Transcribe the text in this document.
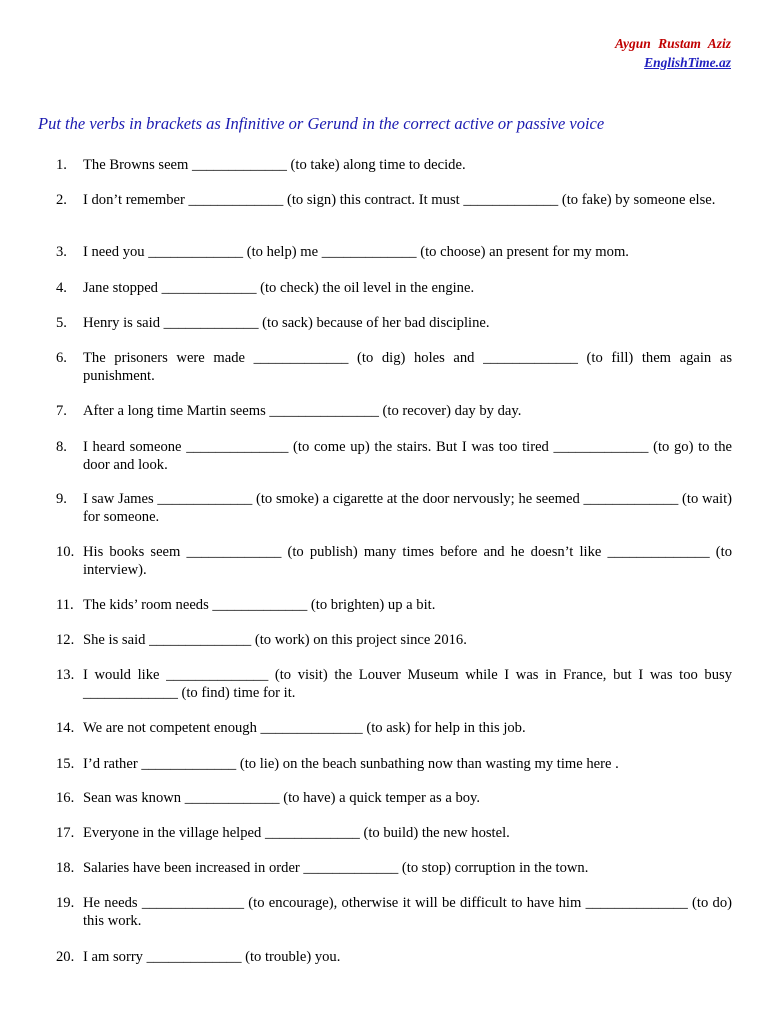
Aygun Rustam Aziz
EnglishTime.az
Put the verbs in brackets as Infinitive or Gerund in the correct active or passive voice
1.	The Browns seem _____________ (to take) along time to decide.
2.	I don’t remember _____________ (to sign) this contract. It must _____________ (to fake) by someone else.
3.	I need you _____________ (to help) me _____________ (to choose) an present for my mom.
4.	Jane stopped _____________ (to check) the oil level in the engine.
5.	Henry is said _____________ (to sack) because of her bad discipline.
6.	The prisoners were made _____________ (to dig) holes and _____________ (to fill) them again as punishment.
7.	After a long time Martin seems _______________ (to recover) day by day.
8.	I heard someone ______________ (to come up) the stairs. But I was too tired _____________ (to go) to the door and look.
9.	I saw James _____________ (to smoke) a cigarette at the door nervously; he seemed _____________ (to wait) for someone.
10. His books seem _____________ (to publish) many times before and he doesn’t like ______________ (to interview).
11. The kids’ room needs _____________ (to brighten) up a bit.
12. She is said ______________ (to work) on this project since 2016.
13. I would like ______________ (to visit) the Louver Museum while I was in France, but I was too busy _____________ (to find) time for it.
14. We are not competent enough ______________ (to ask) for help in this job.
15. I’d rather _____________ (to lie) on the beach sunbathing now than wasting my time here .
16. Sean was known _____________ (to have) a quick temper as a boy.
17. Everyone in the village helped _____________ (to build) the new hostel.
18. Salaries have been increased in order _____________ (to stop) corruption in the town.
19. He needs ______________ (to encourage), otherwise it will be difficult to have him ______________ (to do) this work.
20. I am sorry _____________ (to trouble) you.
